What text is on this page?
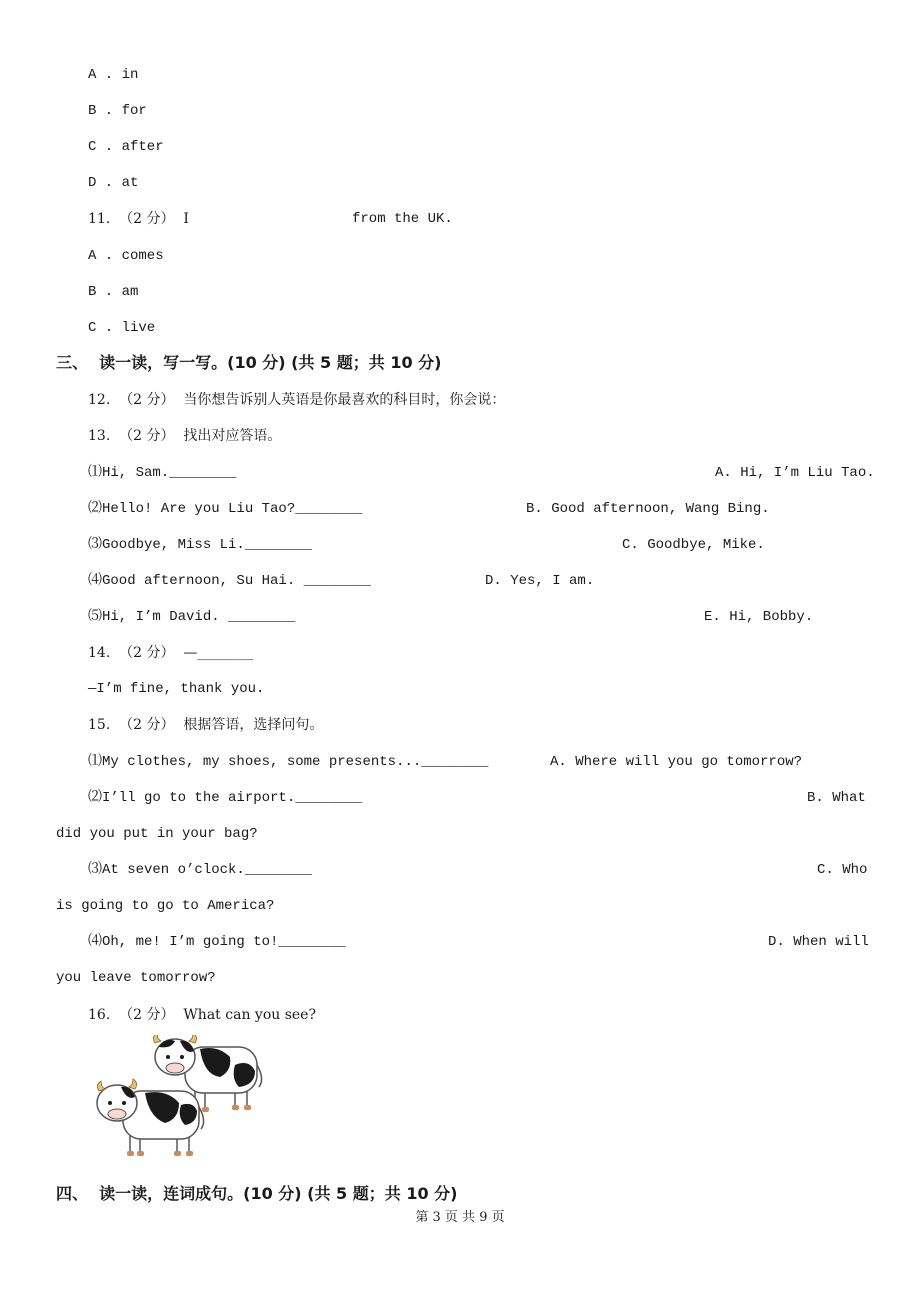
A . in
B . for
C . after
D . at
11.  （2 分）  I	from the UK.
A . comes
B . am
C . live
三、  读一读，写一写。(10 分) (共 5 题；共 10 分)
12.  （2 分）  当你想告诉别人英语是你最喜欢的科目时，你会说：
13.  （2 分）  找出对应答语。
⑴Hi, Sam.________	A. Hi, I’m Liu Tao.
⑵Hello! Are you Liu Tao?________	B. Good afternoon, Wang Bing.
⑶Goodbye, Miss Li.________	C. Goodbye, Mike.
⑷Good afternoon, Su Hai. ________	D. Yes, I am.
⑸Hi, I’m David. ________	E. Hi, Bobby.
14.  （2 分）  —________
—I’m fine, thank you.
15.  （2 分）  根据答语，选择问句。
⑴My clothes, my shoes, some presents...________	A. Where will you go tomorrow?
⑵I’ll go to the airport.________	B. What
did you put in your bag?
⑶At seven o’clock.________	C. Who
is going to go to America?
⑷Oh, me! I’m going to!________	D. When will
you leave tomorrow?
16.  （2 分）  What can you see?
四、  读一读，连词成句。(10 分) (共 5 题；共 10 分)
第 3 页 共 9 页
